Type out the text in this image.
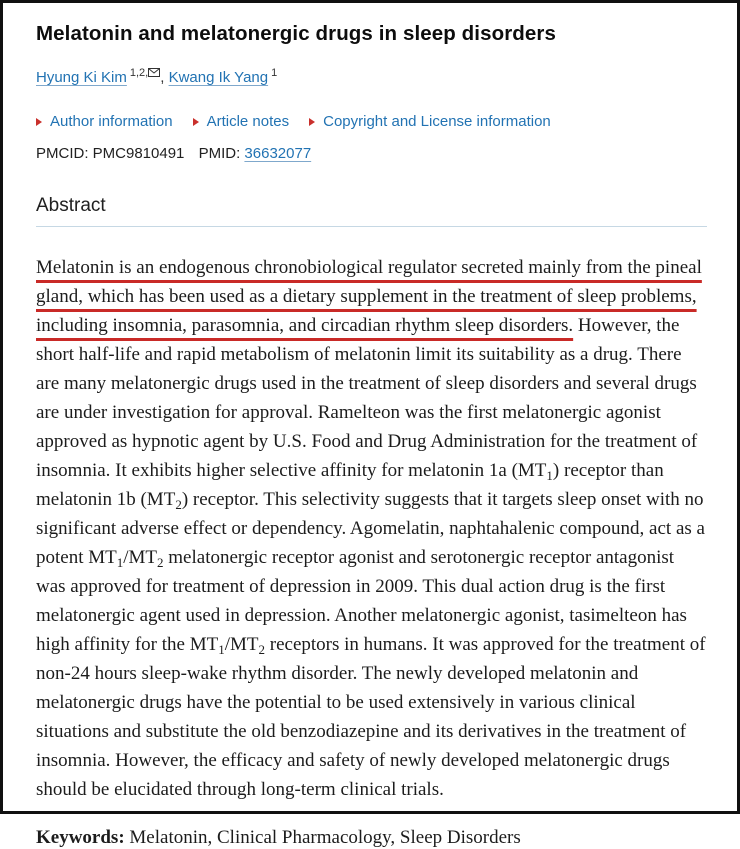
Melatonin and melatonergic drugs in sleep disorders
Hyung Ki Kim $^{1,2,}$ , Kwang Ik Yang $^1$
Author information Article notes Copyright and License information
PMCID: PMC9810491 PMID: 36632077
Abstract

Melatonin is an endogenous chronobiological regulator secreted mainly from the pineal gland, which has been used as a dietary supplement in the treatment of sleep problems, including insomnia, parasomnia, and circadian rhythm sleep disorders. However, the short half-life and rapid metabolism of melatonin limit its suitability as a drug. There are many melatonergic drugs used in the treatment of sleep disorders and several drugs are under investigation for approval. Ramelteon was the first melatonergic agonist approved as hypnotic agent by U.S. Food and Drug Administration for the treatment of insomnia. It exhibits higher selective affinity for melatonin 1a $(MT_1)$ receptor than melatonin 1b $(MT_2)$ receptor. This selectivity suggests that it targets sleep onset with no significant adverse effect or dependency. Agomelatin, naphtahalenic compound, act as a potent $MT_1/MT_2$ melatonergic receptor agonist and serotonergic receptor antagonist was approved for treatment of depression in 2009. This dual action drug is the first melatonergic agent used in depression. Another melatonergic agonist, tasimelteon has high affinity for the $MT_1/MT_2$ receptors in humans. It was approved for the treatment of non-24 hours sleep-wake rhythm disorder. The newly developed melatonin and melatonergic drugs have the potential to be used extensively in various clinical situations and substitute the old benzodiazepine and its derivatives in the treatment of insomnia. However, the efficacy and safety of newly developed melatonergic drugs should be elucidated through long-term clinical trials.

Keywords: Melatonin, Clinical Pharmacology, Sleep Disorders
